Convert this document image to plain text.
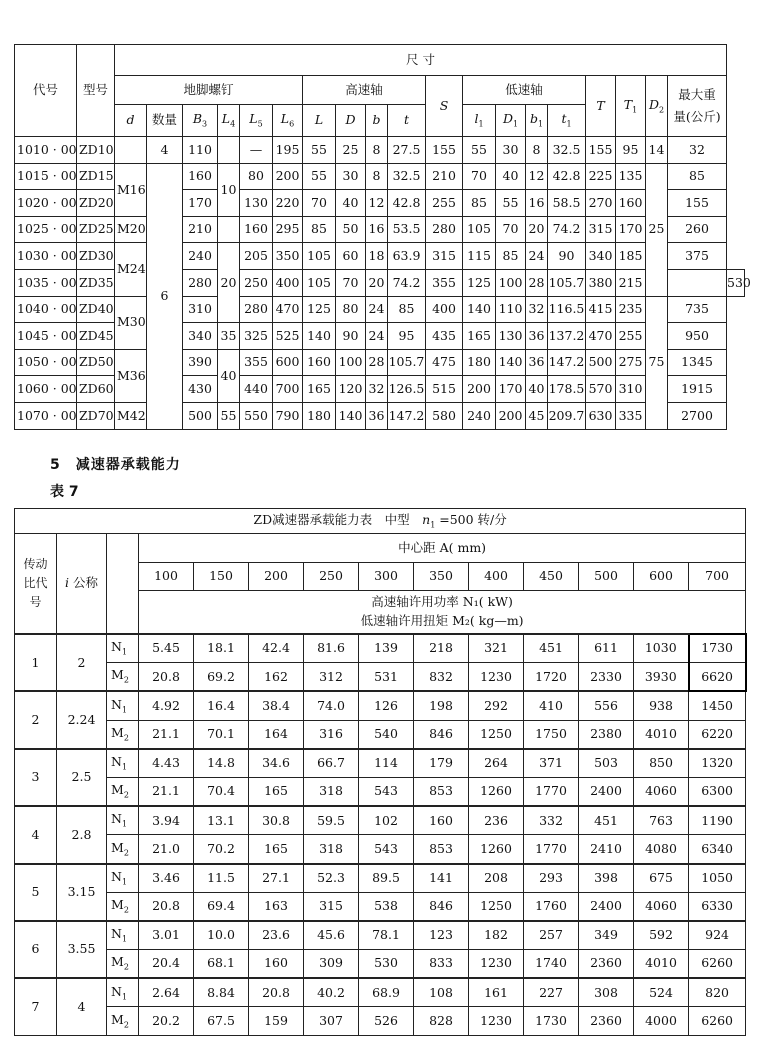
代号	型号	尺 寸																			
		地脚螺钉						高速轴				S	低速轴				T	$T_1$	$D_2$	最大重
量(公斤)	

		d	数量	$B_3$	$L_4$	$L_5$	$L_6$	L	D	b	t		$l_1$	$D_1$	$b_1$	$t_1$
1010 · 00	ZD10		4	110		—	195	55	25	8	27.5	155	55	30	8	32.5	155	95	14	32	
1015 · 00	ZD15	M16	6	160	10	80	200	55	30	8	32.5	210	70	40	12	42.8	225	135	25	85	
1020 · 00	ZD20			170		130	220	70	40	12	42.8	255	85	55	16	58.5	270	160		155	
1025 · 00	ZD25	M20		210		160	295	85	50	16	53.5	280	105	70	20	74.2	315	170		260	
1030 · 00	ZD30	M24		240	20	205	350	105	60	18	63.9	315	115	85	24	90	340	185		375	
1035 · 00	ZD35			280		250	400	105	70	20	74.2	355	125	100	28	105.7	380	215			530
1040 · 00	ZD40	M30		310		280	470	125	80	24	85	400	140	110	32	116.5	415	235	75	735	
1045 · 00	ZD45			340	35	325	525	140	90	24	95	435	165	130	36	137.2	470	255		950	
1050 · 00	ZD50	M36		390	40	355	600	160	100	28	105.7	475	180	140	36	147.2	500	275		1345	
1060 · 00	ZD60			430		440	700	165	120	32	126.5	515	200	170	40	178.5	570	310		1915	
1070 · 00	ZD70	M42		500	55	550	790	180	140	36	147.2	580	240	200	45	209.7	630	335		2700	

5　减速器承载能力

表 7

ZD减速器承载能力表　中型　$n_1 =500$ 转/分													
传动比代号	i 公称		中心距 A( mm)										
			100	150	200	250	300	350	400	450	500	600	700

			高速轴许用功率 N₁( kW)
低速轴许用扭矩 M₂( kg—m)										

1	2	$N_1$	5.45	18.1	42.4	81.6	139	218	321	451	611	1030	1730
		$M_2$	20.8	69.2	162	312	531	832	1230	1720	2330	3930	6620
2	2.24	$N_1$	4.92	16.4	38.4	74.0	126	198	292	410	556	938	1450
		$M_2$	21.1	70.1	164	316	540	846	1250	1750	2380	4010	6220
3	2.5	$N_1$	4.43	14.8	34.6	66.7	114	179	264	371	503	850	1320
		$M_2$	21.1	70.4	165	318	543	853	1260	1770	2400	4060	6300
4	2.8	$N_1$	3.94	13.1	30.8	59.5	102	160	236	332	451	763	1190
		$M_2$	21.0	70.2	165	318	543	853	1260	1770	2410	4080	6340
5	3.15	$N_1$	3.46	11.5	27.1	52.3	89.5	141	208	293	398	675	1050
		$M_2$	20.8	69.4	163	315	538	846	1250	1760	2400	4060	6330
6	3.55	$N_1$	3.01	10.0	23.6	45.6	78.1	123	182	257	349	592	924
		$M_2$	20.4	68.1	160	309	530	833	1230	1740	2360	4010	6260
7	4	$N_1$	2.64	8.84	20.8	40.2	68.9	108	161	227	308	524	820
		$M_2$	20.2	67.5	159	307	526	828	1230	1730	2360	4000	6260
